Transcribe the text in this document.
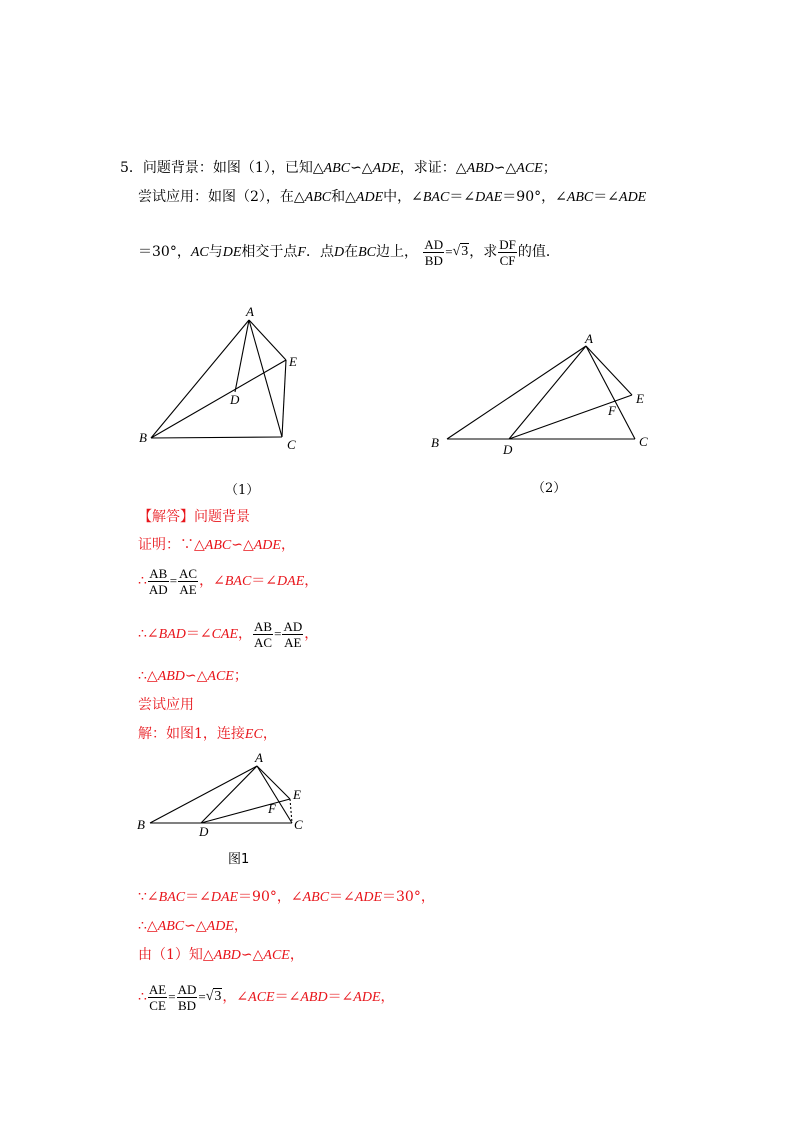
5．问题背景：如图（1），已知△ABC∽△ADE，求证：△ABD∽△ACE；
尝试应用：如图（2），在△ABC和△ADE中，∠BAC＝∠DAE＝90°，∠ABC＝∠ADE
＝30°，AC与DE相交于点F．点D在BC边上， $\frac{AD}{BD} =√3$，求 $\frac{DF}{CF}$ 的值．
A
B	C
D
E
（1）
A
B	C
D
E
F
（2）
【解答】问题背景
证明：∵△ABC∽△ADE，
∴ $\frac{AB}{AD} = \frac{AC}{AE}$ ，∠BAC＝∠DAE，
∴∠BAD＝∠CAE， $\frac{AB}{AC} = \frac{AD}{AE}$ ，
∴△ABD∽△ACE；
尝试应用
解：如图1，连接EC，
A
B	C
D
E
F
图1
∵∠BAC＝∠DAE＝90°，∠ABC＝∠ADE＝30°，
∴△ABC∽△ADE，
由（1）知△ABD∽△ACE，
∴ $\frac{AE}{CE} = \frac{AD}{BD} =√3$，∠ACE＝∠ABD＝∠ADE，
